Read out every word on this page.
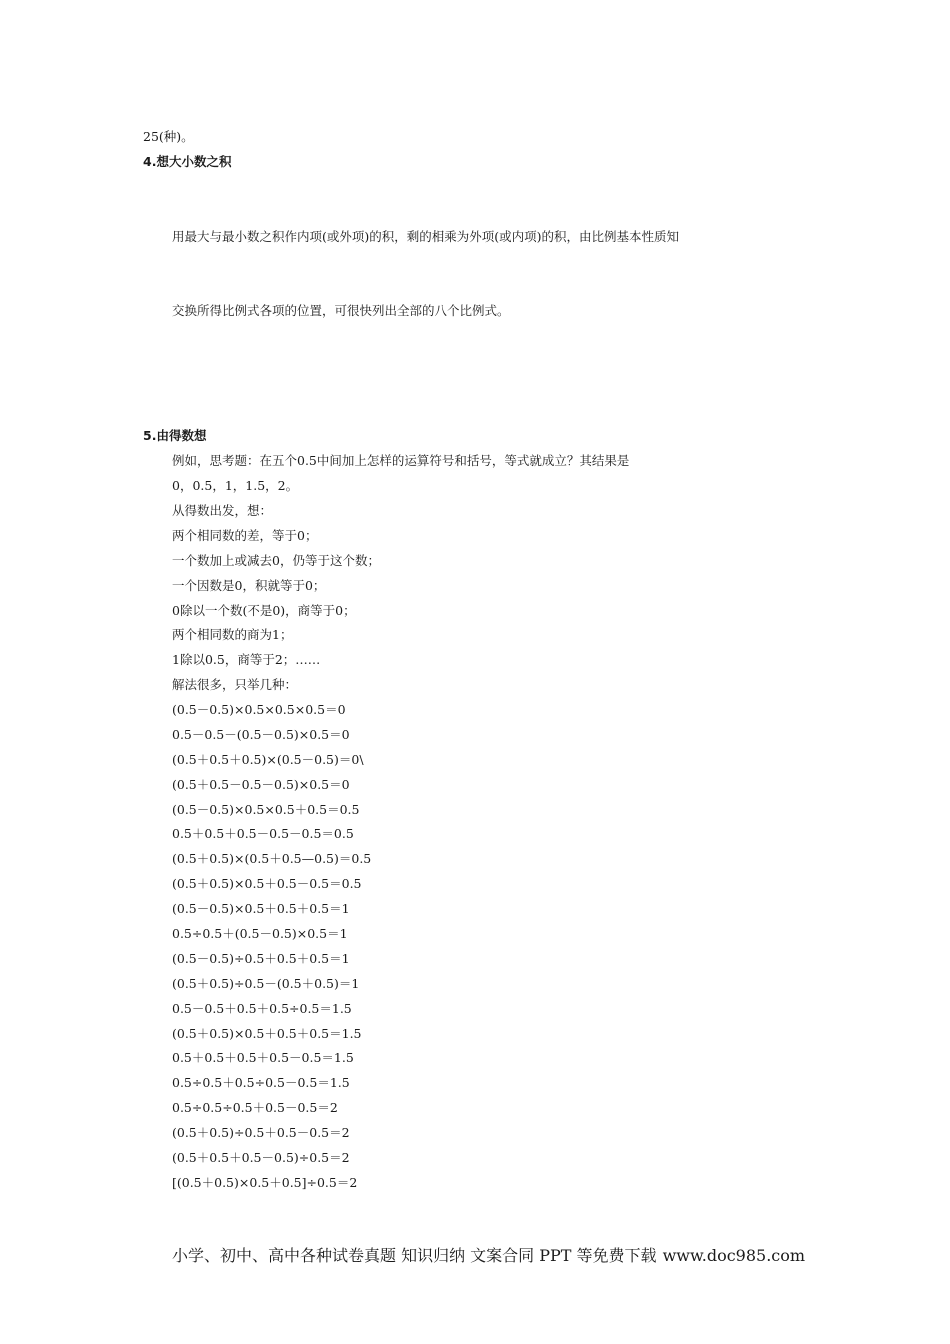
25(种)。
4.想大小数之积
用最大与最小数之积作内项(或外项)的积，剩的相乘为外项(或内项)的积，由比例基本性质知
交换所得比例式各项的位置，可很快列出全部的八个比例式。
5.由得数想
例如，思考题：在五个0.5中间加上怎样的运算符号和括号，等式就成立？其结果是
0，0.5，1，1.5，2。
从得数出发，想：
两个相同数的差，等于0；
一个数加上或减去0，仍等于这个数；
一个因数是0，积就等于0；
0除以一个数(不是0)，商等于0；
两个相同数的商为1；
1除以0.5，商等于2；……
解法很多，只举几种：
(0.5－0.5)×0.5×0.5×0.5＝0
0.5－0.5－(0.5－0.5)×0.5＝0
(0.5＋0.5＋0.5)×(0.5－0.5)＝0\
(0.5＋0.5－0.5－0.5)×0.5＝0
(0.5－0.5)×0.5×0.5＋0.5＝0.5
0.5＋0.5＋0.5－0.5－0.5＝0.5
(0.5＋0.5)×(0.5＋0.5—0.5)＝0.5
(0.5＋0.5)×0.5＋0.5－0.5＝0.5
(0.5－0.5)×0.5＋0.5＋0.5＝1
0.5÷0.5＋(0.5－0.5)×0.5＝1
(0.5－0.5)÷0.5＋0.5＋0.5＝1
(0.5＋0.5)÷0.5－(0.5＋0.5)＝1
0.5－0.5＋0.5＋0.5÷0.5＝1.5
(0.5＋0.5)×0.5＋0.5＋0.5＝1.5
0.5＋0.5＋0.5＋0.5－0.5＝1.5
0.5÷0.5＋0.5÷0.5－0.5＝1.5
0.5÷0.5÷0.5＋0.5－0.5＝2
(0.5＋0.5)÷0.5＋0.5－0.5＝2
(0.5＋0.5＋0.5－0.5)÷0.5＝2
[(0.5＋0.5)×0.5＋0.5]÷0.5＝2
小学、初中、高中各种试卷真题 知识归纳 文案合同 PPT 等免费下载 www.doc985.com
